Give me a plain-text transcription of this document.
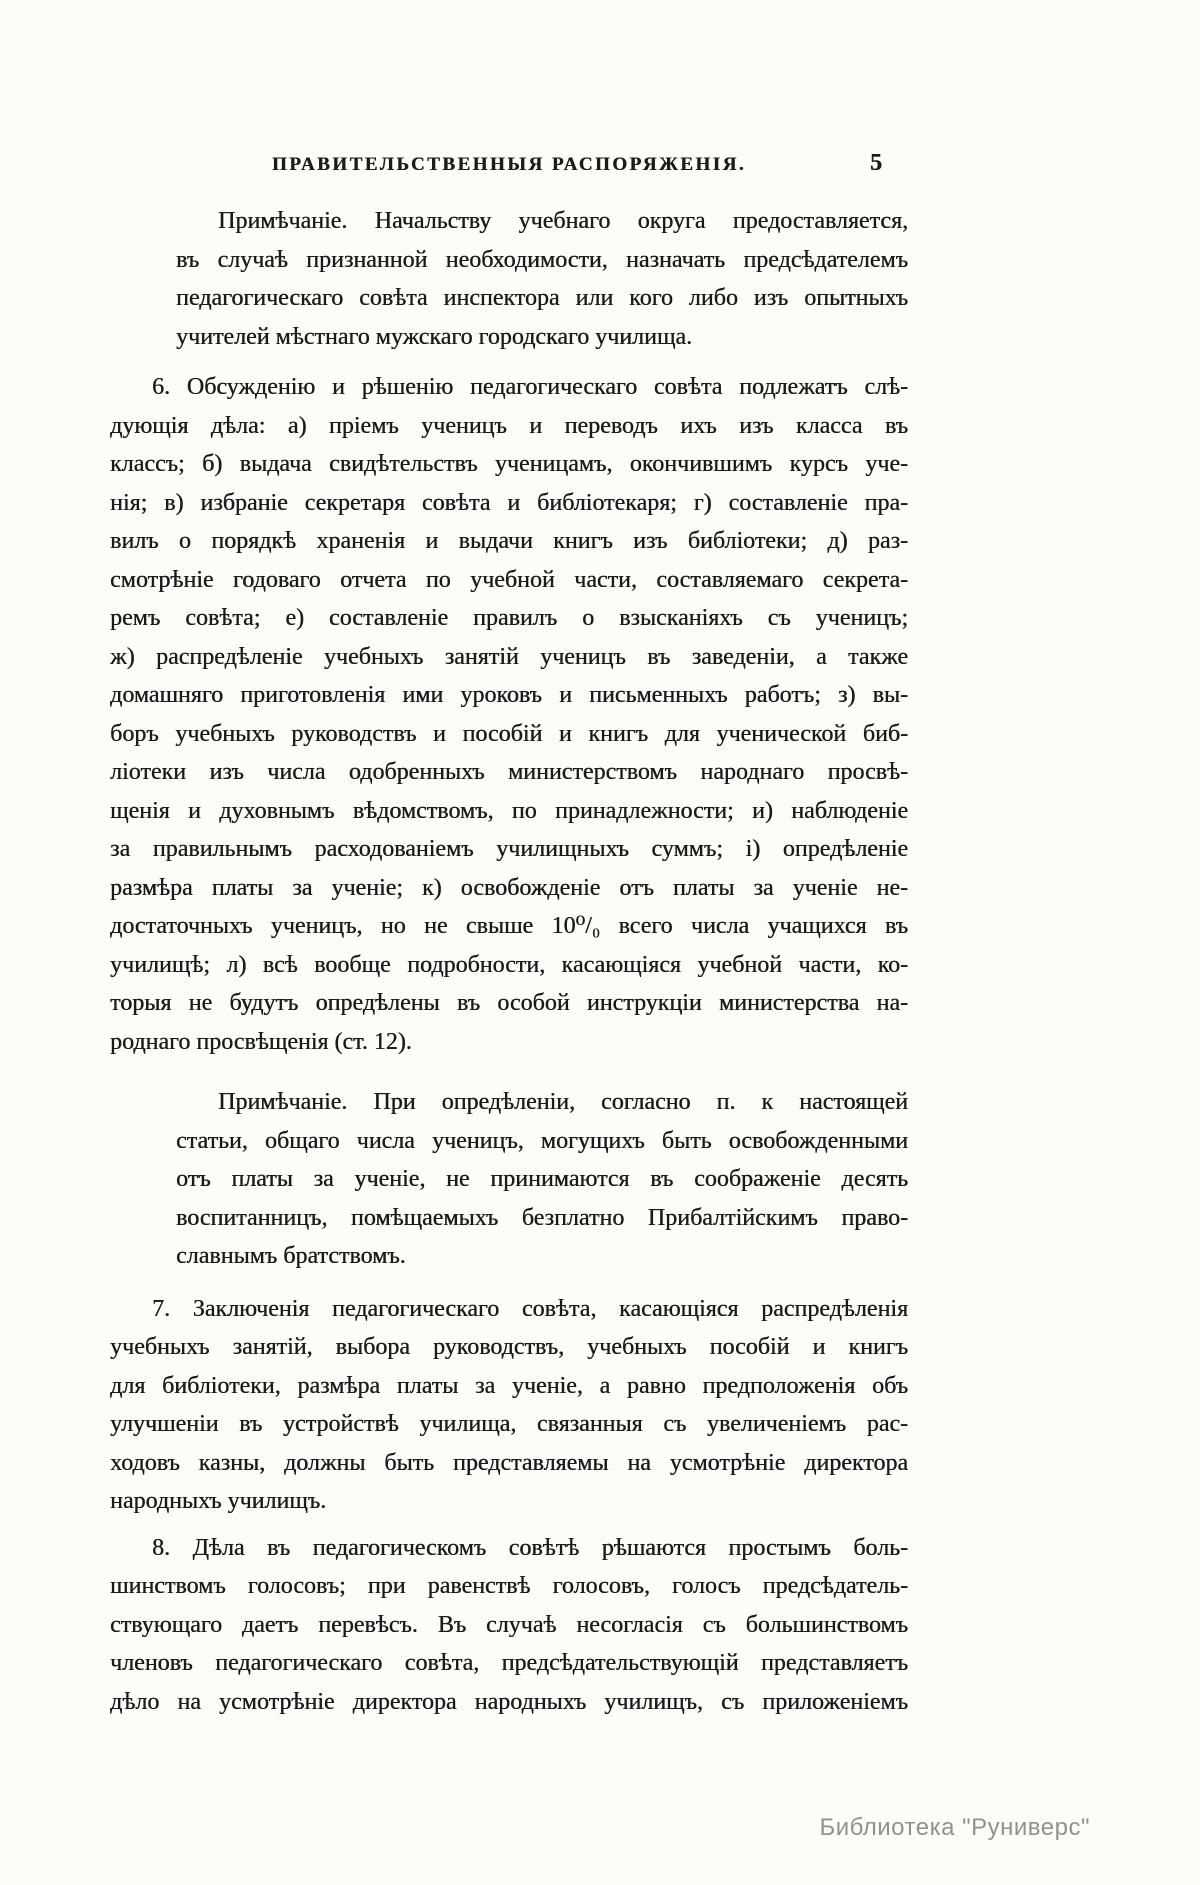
ПРАВИТЕЛЬСТВЕННЫЯ РАСПОРЯЖЕНІЯ.	5
Примѣчаніе. Начальству учебнаго округа предоставляется,
въ случаѣ признанной необходимости, назначать предсѣдателемъ
педагогическаго совѣта инспектора или кого либо изъ опытныхъ
учителей мѣстнаго мужскаго городскаго училища.
6. Обсужденію и рѣшенію педагогическаго совѣта подлежатъ слѣ-
дующія дѣла: а) пріемъ ученицъ и переводъ ихъ изъ класса въ
классъ; б) выдача свидѣтельствъ ученицамъ, окончившимъ курсъ уче-
нія; в) избраніе секретаря совѣта и библіотекаря; г) составленіе пра-
вилъ о порядкѣ храненія и выдачи книгъ изъ библіотеки; д) раз-
смотрѣніе годоваго отчета по учебной части, составляемаго секрета-
ремъ совѣта; е) составленіе правилъ о взысканіяхъ съ ученицъ;
ж) распредѣленіе учебныхъ занятій ученицъ въ заведеніи, а также
домашняго приготовленія ими уроковъ и письменныхъ работъ; з) вы-
боръ учебныхъ руководствъ и пособій и книгъ для ученической биб-
ліотеки изъ числа одобренныхъ министерствомъ народнаго просвѣ-
щенія и духовнымъ вѣдомствомъ, по принадлежности; и) наблюденіе
за правильнымъ расходованіемъ училищныхъ суммъ; і) опредѣленіе
размѣра платы за ученіе; к) освобожденіе отъ платы за ученіе не-
достаточныхъ ученицъ, но не свыше 10⁰/₀ всего числа учащихся въ
училищѣ; л) всѣ вообще подробности, касающіяся учебной части, ко-
торыя не будутъ опредѣлены въ особой инструкціи министерства на-
роднаго просвѣщенія (ст. 12).
Примѣчаніе. При опредѣленіи, согласно п. к настоящей
статьи, общаго числа ученицъ, могущихъ быть освобожденными
отъ платы за ученіе, не принимаются въ соображеніе десять
воспитанницъ, помѣщаемыхъ безплатно Прибалтійскимъ право-
славнымъ братствомъ.
7. Заключенія педагогическаго совѣта, касающіяся распредѣленія
учебныхъ занятій, выбора руководствъ, учебныхъ пособій и книгъ
для библіотеки, размѣра платы за ученіе, а равно предположенія объ
улучшеніи въ устройствѣ училища, связанныя съ увеличеніемъ рас-
ходовъ казны, должны быть представляемы на усмотрѣніе директора
народныхъ училищъ.
8. Дѣла въ педагогическомъ совѣтѣ рѣшаются простымъ боль-
шинствомъ голосовъ; при равенствѣ голосовъ, голосъ предсѣдатель-
ствующаго даетъ перевѣсъ. Въ случаѣ несогласія съ большинствомъ
членовъ педагогическаго совѣта, предсѣдательствующій представляетъ
дѣло на усмотрѣніе директора народныхъ училищъ, съ приложеніемъ
Библиотека "Руниверс"
